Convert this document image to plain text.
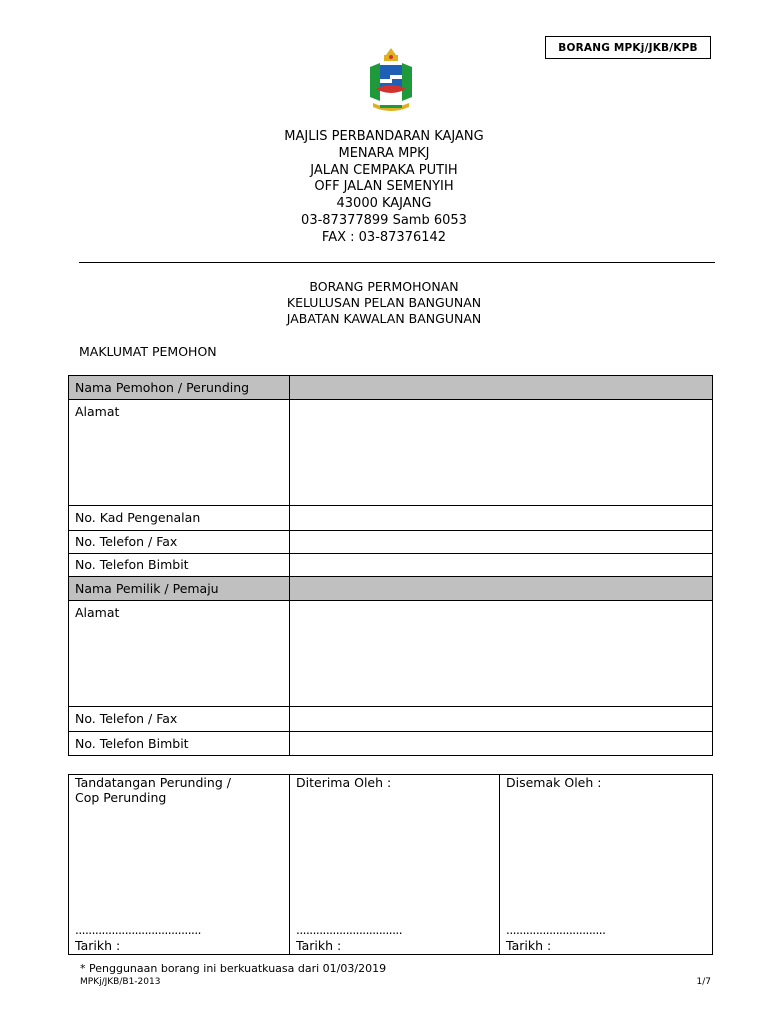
BORANG MPKj/JKB/KPB
MAJLIS PERBANDARAN KAJANG
MENARA MPKJ
JALAN CEMPAKA PUTIH
OFF JALAN SEMENYIH
43000 KAJANG
03-87377899 Samb 6053
FAX : 03-87376142
BORANG PERMOHONAN
KELULUSAN PELAN BANGUNAN
JABATAN KAWALAN BANGUNAN
MAKLUMAT PEMOHON
Nama Pemohon / Perunding	
Alamat	
No. Kad Pengenalan	
No. Telefon / Fax	
No. Telefon Bimbit	
Nama Pemilik / Pemaju	
Alamat	
No. Telefon / Fax	
No. Telefon Bimbit	
Tandatangan Perunding /
Cop Perunding
......................................
Tarikh :

Diterima Oleh :
................................
Tarikh :

Disemak Oleh :
..............................
Tarikh :
* Penggunaan borang ini berkuatkuasa dari 01/03/2019
MPKj/JKB/B1-2013	1/7
